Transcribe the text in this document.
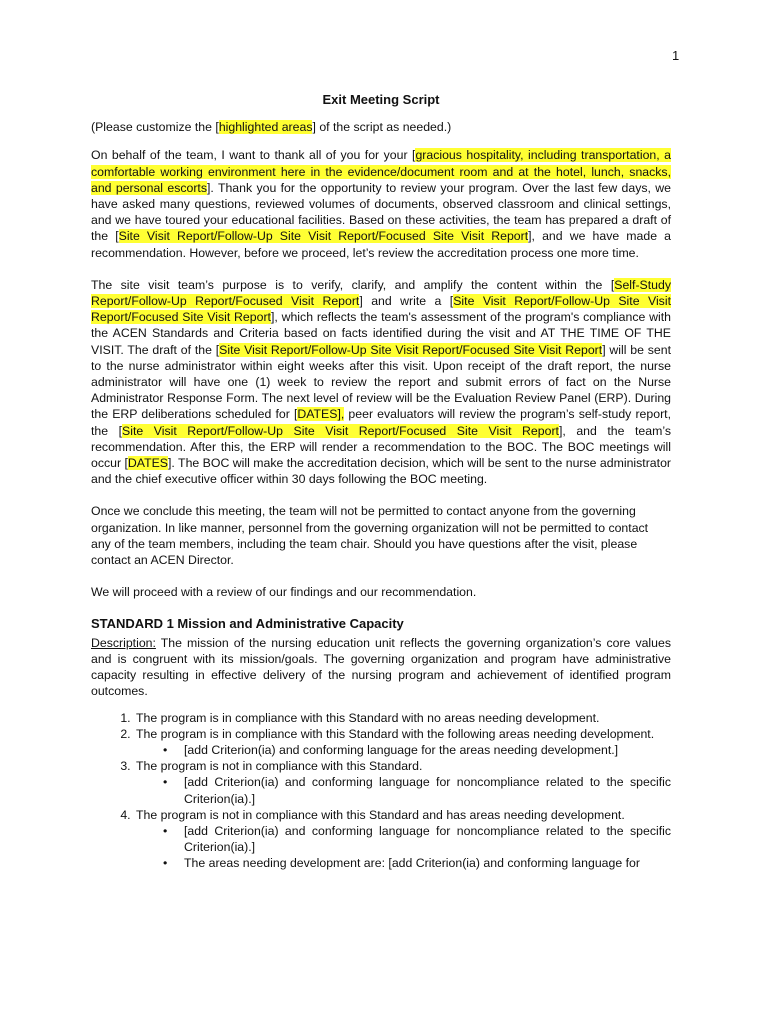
1
Exit Meeting Script

(Please customize the [highlighted areas] of the script as needed.)

On behalf of the team, I want to thank all of you for your [gracious hospitality, including transportation, a comfortable working environment here in the evidence/document room and at the hotel, lunch, snacks, and personal escorts]. Thank you for the opportunity to review your program. Over the last few days, we have asked many questions, reviewed volumes of documents, observed classroom and clinical settings, and we have toured your educational facilities. Based on these activities, the team has prepared a draft of the [Site Visit Report/Follow-Up Site Visit Report/Focused Site Visit Report], and we have made a recommendation. However, before we proceed, let’s review the accreditation process one more time.

The site visit team’s purpose is to verify, clarify, and amplify the content within the [Self-Study Report/Follow-Up Report/Focused Visit Report] and write a [Site Visit Report/Follow-Up Site Visit Report/Focused Site Visit Report], which reflects the team's assessment of the program's compliance with the ACEN Standards and Criteria based on facts identified during the visit and AT THE TIME OF THE VISIT. The draft of the [Site Visit Report/Follow-Up Site Visit Report/Focused Site Visit Report] will be sent to the nurse administrator within eight weeks after this visit. Upon receipt of the draft report, the nurse administrator will have one (1) week to review the report and submit errors of fact on the Nurse Administrator Response Form. The next level of review will be the Evaluation Review Panel (ERP). During the ERP deliberations scheduled for [DATES], peer evaluators will review the program’s self-study report, the [Site Visit Report/Follow-Up Site Visit Report/Focused Site Visit Report], and the team’s recommendation. After this, the ERP will render a recommendation to the BOC. The BOC meetings will occur [DATES]. The BOC will make the accreditation decision, which will be sent to the nurse administrator and the chief executive officer within 30 days following the BOC meeting.

Once we conclude this meeting, the team will not be permitted to contact anyone from the governing organization. In like manner, personnel from the governing organization will not be permitted to contact any of the team members, including the team chair. Should you have questions after the visit, please contact an ACEN Director.

We will proceed with a review of our findings and our recommendation.

STANDARD 1 Mission and Administrative Capacity

Description: The mission of the nursing education unit reflects the governing organization’s core values and is congruent with its mission/goals. The governing organization and program have administrative capacity resulting in effective delivery of the nursing program and achievement of identified program outcomes.

1. The program is in compliance with this Standard with no areas needing development.
2. The program is in compliance with this Standard with the following areas needing development.
• [add Criterion(ia) and conforming language for the areas needing development.]
3. The program is not in compliance with this Standard.
• [add Criterion(ia) and conforming language for noncompliance related to the specific Criterion(ia).]
4. The program is not in compliance with this Standard and has areas needing development.
• [add Criterion(ia) and conforming language for noncompliance related to the specific Criterion(ia).]
• The areas needing development are: [add Criterion(ia) and conforming language for
